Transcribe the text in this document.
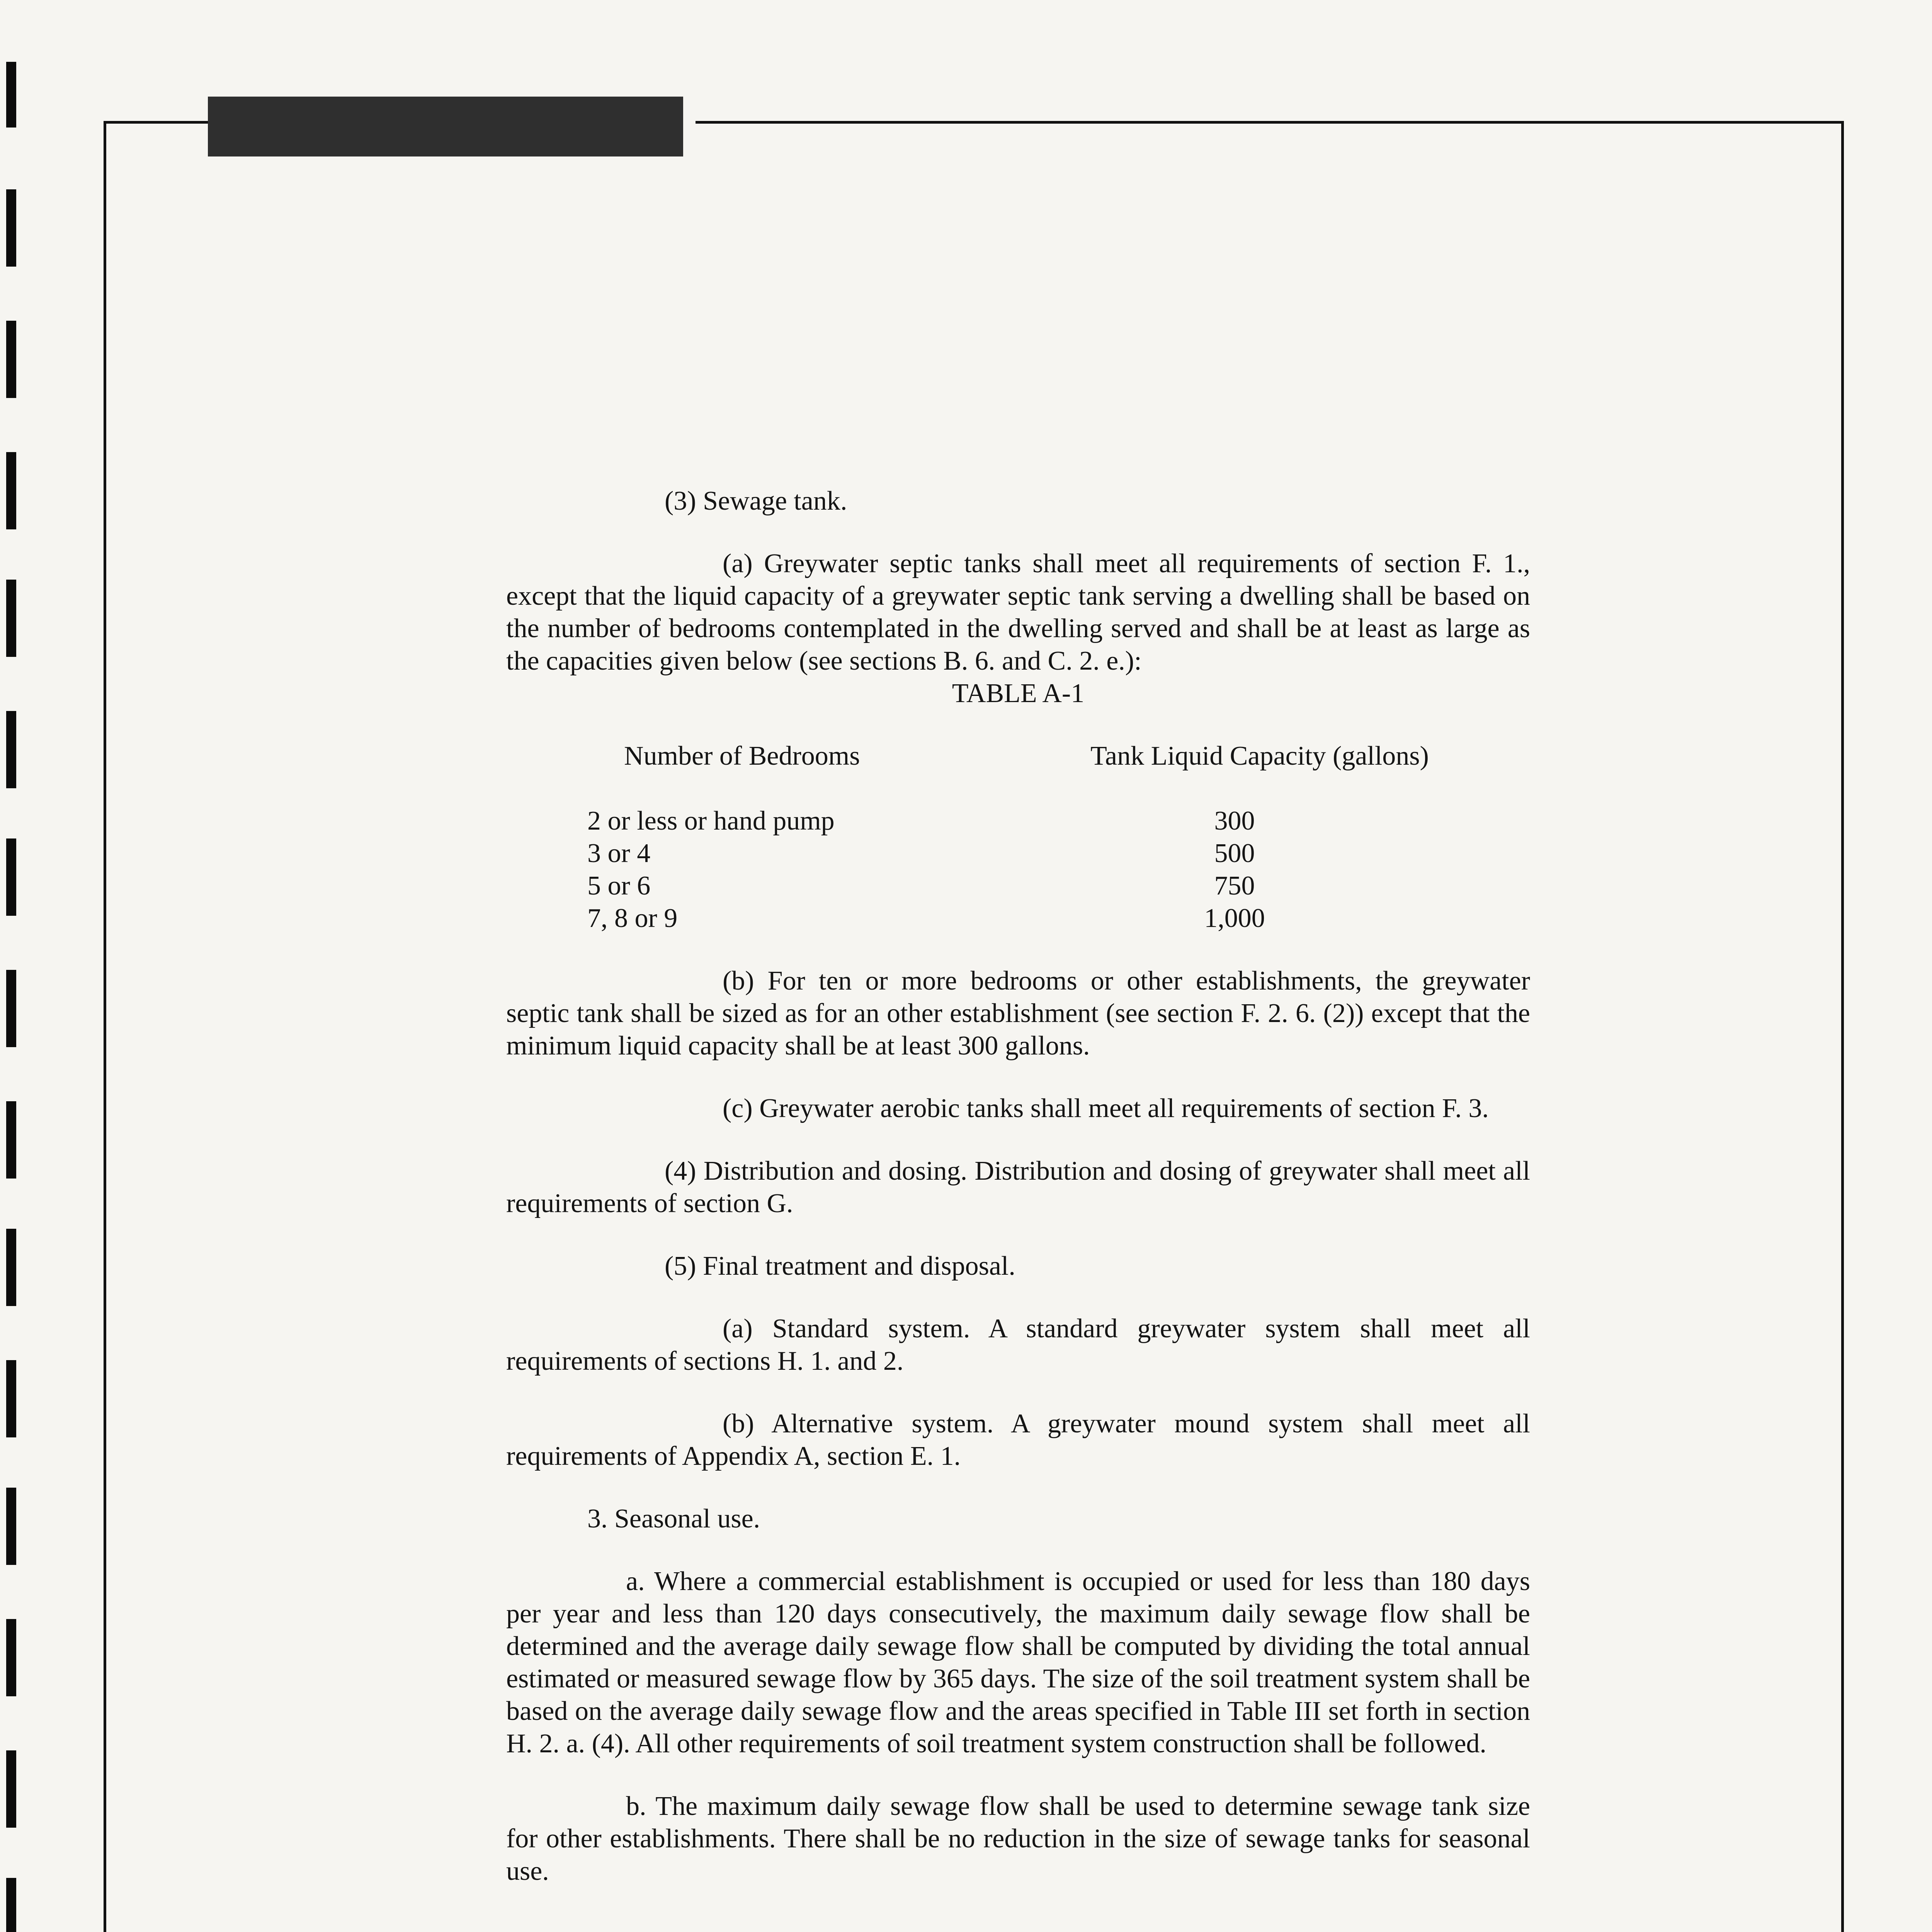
(3) Sewage tank.

(a) Greywater septic tanks shall meet all requirements of section F. 1., except that the liquid capacity of a greywater septic tank serving a dwelling shall be based on the number of bedrooms contemplated in the dwelling served and shall be at least as large as the capacities given below (see sections B. 6. and C. 2. e.):

TABLE A-1

Number of Bedrooms	Tank Liquid Capacity (gallons)
2 or less or hand pump	300
3 or 4	500
5 or 6	750
7, 8 or 9	1,000

(b) For ten or more bedrooms or other establishments, the greywater septic tank shall be sized as for an other establishment (see section F. 2. 6. (2)) except that the minimum liquid capacity shall be at least 300 gallons.

(c) Greywater aerobic tanks shall meet all requirements of section F. 3.

(4) Distribution and dosing. Distribution and dosing of greywater shall meet all requirements of section G.

(5) Final treatment and disposal.

(a) Standard system. A standard greywater system shall meet all requirements of sections H. 1. and 2.

(b) Alternative system. A greywater mound system shall meet all requirements of Appendix A, section E. 1.

3. Seasonal use.

a. Where a commercial establishment is occupied or used for less than 180 days per year and less than 120 days consecutively, the maximum daily sewage flow shall be determined and the average daily sewage flow shall be computed by dividing the total annual estimated or measured sewage flow by 365 days. The size of the soil treatment system shall be based on the average daily sewage flow and the areas specified in Table III set forth in section H. 2. a. (4). All other requirements of soil treatment system construction shall be followed.

b. The maximum daily sewage flow shall be used to determine sewage tank size for other establishments. There shall be no reduction in the size of sewage tanks for seasonal use.
